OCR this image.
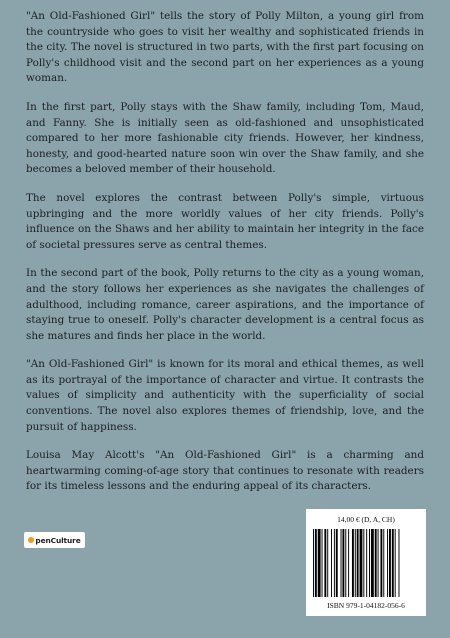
"An Old-Fashioned Girl" tells the story of Polly Milton, a young girl from the countryside who goes to visit her wealthy and sophisticated friends in the city. The novel is structured in two parts, with the first part focusing on Polly's childhood visit and the second part on her experiences as a young woman.

In the first part, Polly stays with the Shaw family, including Tom, Maud, and Fanny. She is initially seen as old-fashioned and unsophisticated compared to her more fashionable city friends. However, her kindness, honesty, and good-hearted nature soon win over the Shaw family, and she becomes a beloved member of their household.

The novel explores the contrast between Polly's simple, virtuous upbringing and the more worldly values of her city friends. Polly's influence on the Shaws and her ability to maintain her integrity in the face of societal pressures serve as central themes.

In the second part of the book, Polly returns to the city as a young woman, and the story follows her experiences as she navigates the challenges of adulthood, including romance, career aspirations, and the importance of staying true to oneself. Polly's character development is a central focus as she matures and finds her place in the world.

"An Old-Fashioned Girl" is known for its moral and ethical themes, as well as its portrayal of the importance of character and virtue. It contrasts the values of simplicity and authenticity with the superficiality of social conventions. The novel also explores themes of friendship, love, and the pursuit of happiness.

Louisa May Alcott's "An Old-Fashioned Girl" is a charming and heartwarming coming-of-age story that continues to resonate with readers for its timeless lessons and the enduring appeal of its characters.

penCulture
14,00 € (D, A, CH)
ISBN 979-1-04182-056-6
